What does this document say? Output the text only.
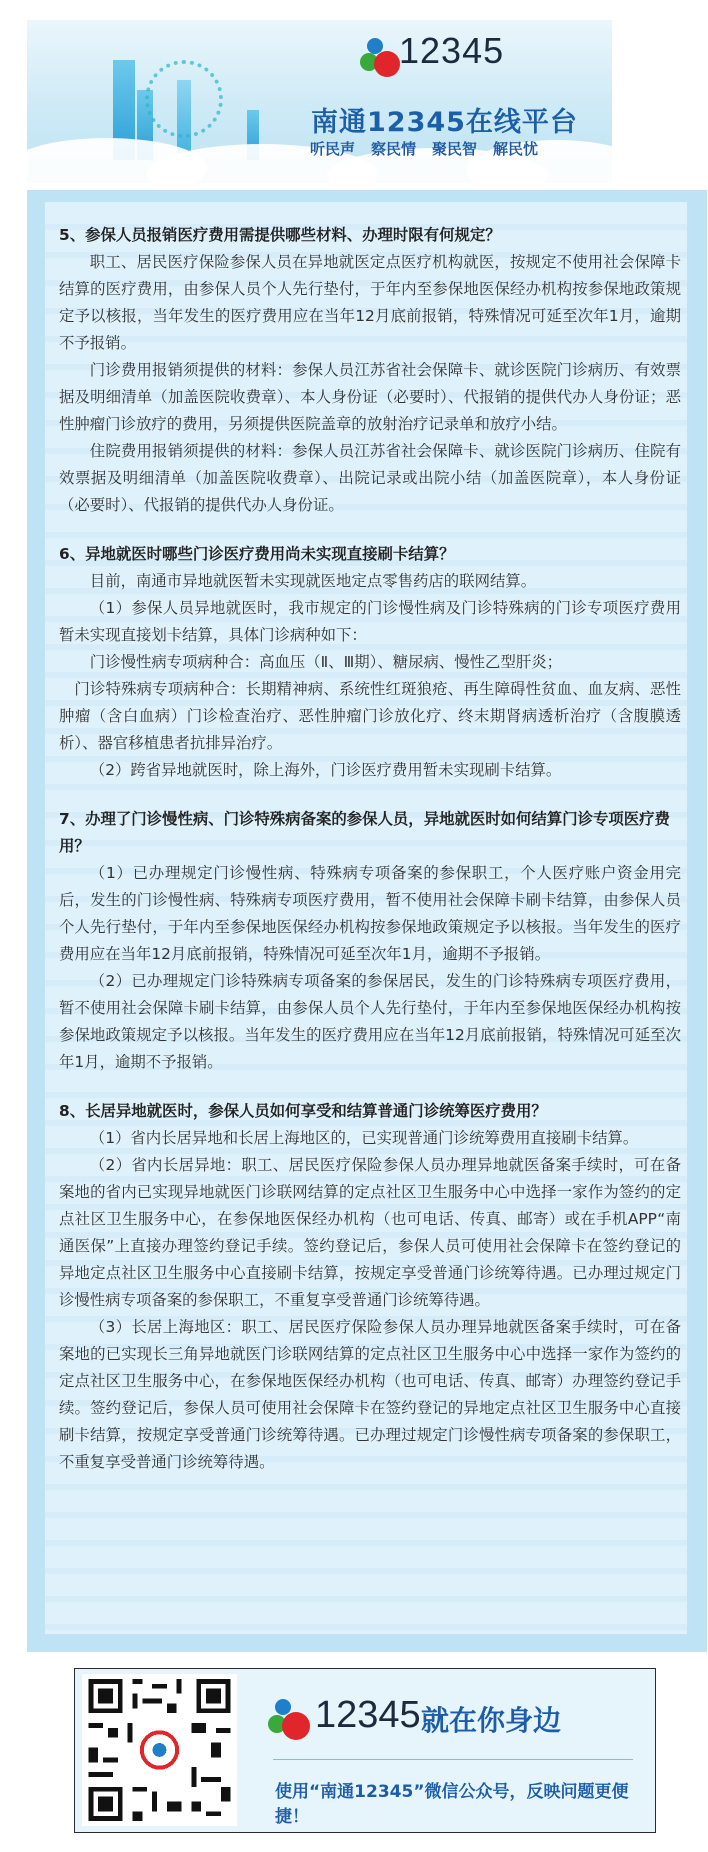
12345
南通12345在线平台
听民声 察民情 聚民智 解民忧

5、参保人员报销医疗费用需提供哪些材料、办理时限有何规定？

职工、居民医疗保险参保人员在异地就医定点医疗机构就医，按规定不使用社会保障卡结算的医疗费用，由参保人员个人先行垫付，于年内至参保地医保经办机构按参保地政策规定予以核报，当年发生的医疗费用应在当年12月底前报销，特殊情况可延至次年1月，逾期不予报销。

门诊费用报销须提供的材料：参保人员江苏省社会保障卡、就诊医院门诊病历、有效票据及明细清单（加盖医院收费章）、本人身份证（必要时）、代报销的提供代办人身份证；恶性肿瘤门诊放疗的费用，另须提供医院盖章的放射治疗记录单和放疗小结。

住院费用报销须提供的材料：参保人员江苏省社会保障卡、就诊医院门诊病历、住院有效票据及明细清单（加盖医院收费章）、出院记录或出院小结（加盖医院章），本人身份证（必要时）、代报销的提供代办人身份证。

6、异地就医时哪些门诊医疗费用尚未实现直接刷卡结算？

目前，南通市异地就医暂未实现就医地定点零售药店的联网结算。

（1）参保人员异地就医时，我市规定的门诊慢性病及门诊特殊病的门诊专项医疗费用暂未实现直接划卡结算，具体门诊病种如下：

门诊慢性病专项病种合：高血压（Ⅱ、Ⅲ期）、糖尿病、慢性乙型肝炎；

门诊特殊病专项病种合：长期精神病、系统性红斑狼疮、再生障碍性贫血、血友病、恶性肿瘤（含白血病）门诊检查治疗、恶性肿瘤门诊放化疗、终末期肾病透析治疗（含腹膜透析）、器官移植患者抗排异治疗。

（2）跨省异地就医时，除上海外，门诊医疗费用暂未实现刷卡结算。

7、办理了门诊慢性病、门诊特殊病备案的参保人员，异地就医时如何结算门诊专项医疗费用？

（1）已办理规定门诊慢性病、特殊病专项备案的参保职工，个人医疗账户资金用完后，发生的门诊慢性病、特殊病专项医疗费用，暂不使用社会保障卡刷卡结算，由参保人员个人先行垫付，于年内至参保地医保经办机构按参保地政策规定予以核报。当年发生的医疗费用应在当年12月底前报销，特殊情况可延至次年1月，逾期不予报销。

（2）已办理规定门诊特殊病专项备案的参保居民，发生的门诊特殊病专项医疗费用，暂不使用社会保障卡刷卡结算，由参保人员个人先行垫付，于年内至参保地医保经办机构按参保地政策规定予以核报。当年发生的医疗费用应在当年12月底前报销，特殊情况可延至次年1月，逾期不予报销。

8、长居异地就医时，参保人员如何享受和结算普通门诊统筹医疗费用？

（1）省内长居异地和长居上海地区的，已实现普通门诊统筹费用直接刷卡结算。

（2）省内长居异地：职工、居民医疗保险参保人员办理异地就医备案手续时，可在备案地的省内已实现异地就医门诊联网结算的定点社区卫生服务中心中选择一家作为签约的定点社区卫生服务中心，在参保地医保经办机构（也可电话、传真、邮寄）或在手机APP“南通医保”上直接办理签约登记手续。签约登记后，参保人员可使用社会保障卡在签约登记的异地定点社区卫生服务中心直接刷卡结算，按规定享受普通门诊统筹待遇。已办理过规定门诊慢性病专项备案的参保职工，不重复享受普通门诊统筹待遇。

（3）长居上海地区：职工、居民医疗保险参保人员办理异地就医备案手续时，可在备案地的已实现长三角异地就医门诊联网结算的定点社区卫生服务中心中选择一家作为签约的定点社区卫生服务中心，在参保地医保经办机构（也可电话、传真、邮寄）办理签约登记手续。签约登记后，参保人员可使用社会保障卡在签约登记的异地定点社区卫生服务中心直接刷卡结算，按规定享受普通门诊统筹待遇。已办理过规定门诊慢性病专项备案的参保职工，不重复享受普通门诊统筹待遇。

12345 就在你身边
使用“南通12345”微信公众号，反映问题更便捷！
